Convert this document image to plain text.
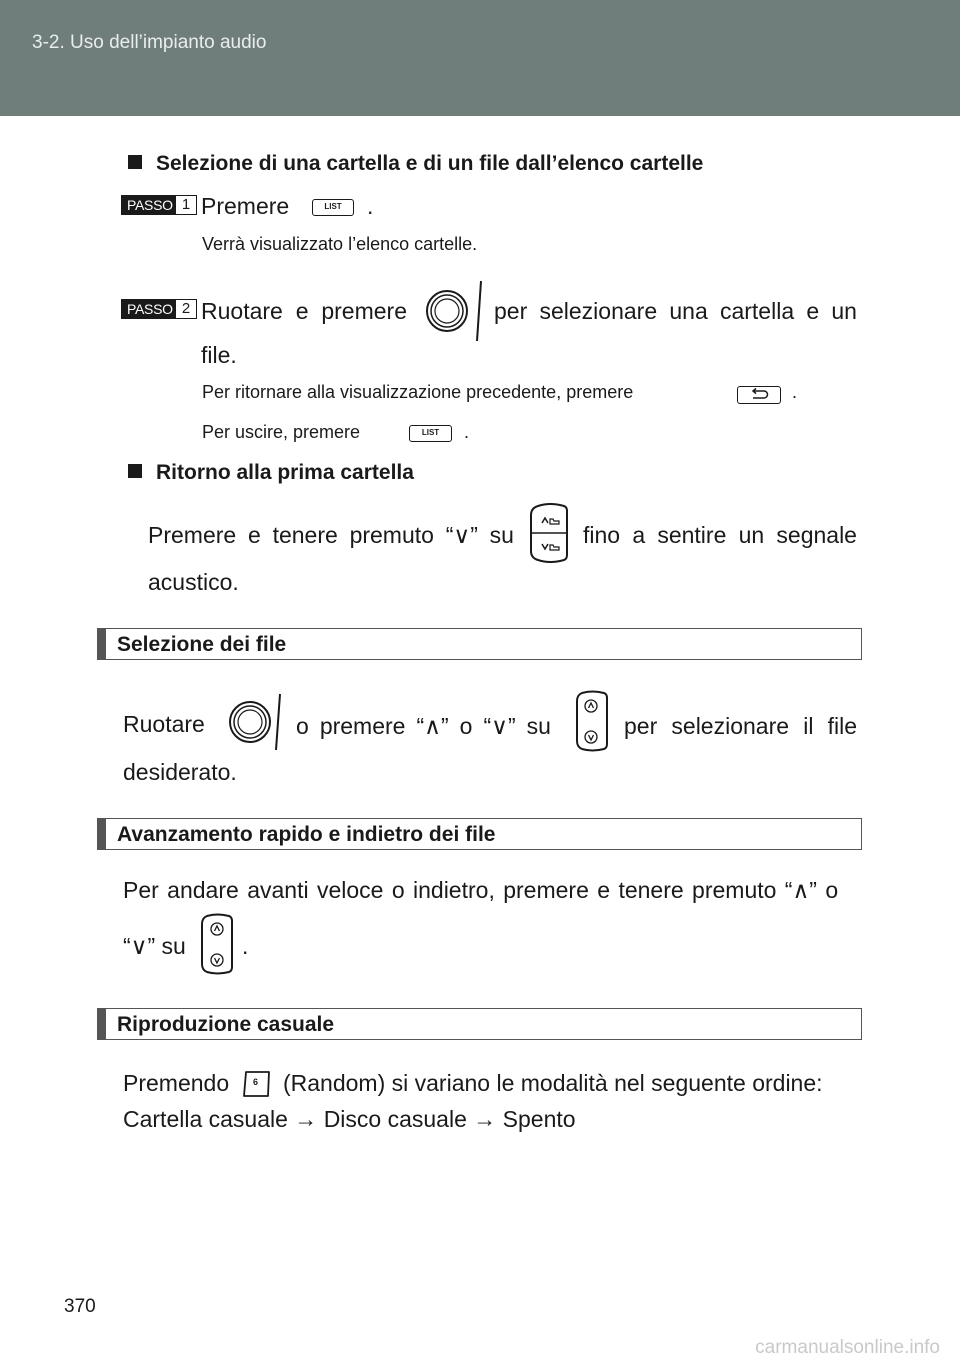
3-2. Uso dell’impianto audio
Selezione di una cartella e di un file dall’elenco cartelle
PASSO 1 Premere	LIST	.
Verrà visualizzato l’elenco cartelle.
PASSO 2 Ruotare e premere	per selezionare una cartella e un
file.
Per ritornare alla visualizzazione precedente, premere	.
Per uscire, premere	LIST	.
Ritorno alla prima cartella
Premere e tenere premuto “∨” su	fino a sentire un segnale
acustico.
Selezione dei file
Ruotare	o premere “∧” o “∨” su	per selezionare il file
desiderato.
Avanzamento rapido e indietro dei file
Per andare avanti veloce o indietro, premere e tenere premuto “∧” o
“∨” su .
Riproduzione casuale
Premendo	6 (Random) si variano le modalità nel seguente ordine:
Cartella casuale → Disco casuale → Spento
370
carmanualsonline.info
